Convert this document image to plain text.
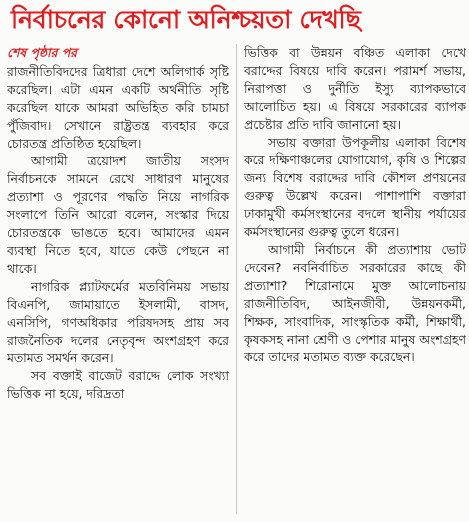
নির্বাচনের কোনো অনিশ্চয়তা দেখছি
শেষ পৃষ্ঠার পর

রাজনীতিবিদদের ত্রিধারা দেশে অলিগার্ক সৃষ্টি করেছিল। এটা এমন একটি অর্থনীতি সৃষ্টি করেছিল যাকে আমরা অভিহিত করি চামচা পুঁজিবাদ। সেখানে রাষ্ট্রতন্ত্র ব্যবহার করে চোরতন্ত্র প্রতিষ্ঠিত হয়েছিল।

আগামী ত্রয়োদশ জাতীয় সংসদ নির্বাচনকে সামনে রেখে সাধারণ মানুষের প্রত্যাশা ও পূরণের পদ্ধতি নিয়ে নাগরিক সংলাপে তিনি আরো বলেন, সংস্কার দিয়ে চোরতন্ত্রকে ভাঙতে হবে। আমাদের এমন ব্যবস্থা নিতে হবে, যাতে কেউ পেছনে না থাকে।

নাগরিক প্ল্যাটফর্মের মতবিনিময় সভায় বিএনপি, জামায়াতে ইসলামী, বাসদ, এনসিপি, গণঅধিকার পরিষদসহ প্রায় সব রাজনৈতিক দলের নেতৃবৃন্দ অংশগ্রহণ করে মতামত সমর্থন করেন।

সব বক্তাই বাজেট বরাদ্দে লোক সংখ্যা ভিত্তিক না হয়ে, দরিদ্রতা

ভিত্তিক বা উন্নয়ন বঞ্চিত এলাকা দেখে বরাদ্দের বিষয়ে দাবি করেন। পরামর্শ সভায়, নিরাপত্তা ও দুর্নীতি ইস্যু ব্যাপকভাবে আলোচিত হয়। এ বিষয়ে সরকারের ব্যাপক প্রচেষ্টার প্রতি দাবি জানানো হয়।

সভায় বক্তারা উপকূলীয় এলাকা বিশেষ করে দক্ষিণাঞ্চলের যোগাযোগ, কৃষি ও শিল্পের জন্য বিশেষ বরাদ্দের দাবি কৌশল প্রণয়নের গুরুত্ব উল্লেখ করেন। পাশাপাশি বক্তারা ঢাকামুখী কর্মসংস্থানের বদলে স্থানীয় পর্যায়ের কর্মসংস্থানের গুরুত্ব তুলে ধরেন।

আগামী নির্বাচনে কী প্রত্যাশায় ভোট দেবেন? নবনির্বাচিত সরকারের কাছে কী প্রত্যাশা? শিরোনামে মুক্ত আলোচনায় রাজনীতিবিদ, আইনজীবী, উন্নয়নকর্মী, শিক্ষক, সাংবাদিক, সাংস্কৃতিক কর্মী, শিক্ষার্থী, কৃষকসহ নানা শ্রেণী ও পেশার মানুষ অংশগ্রহণ করে তাদের মতামত ব্যক্ত করেছেন।
